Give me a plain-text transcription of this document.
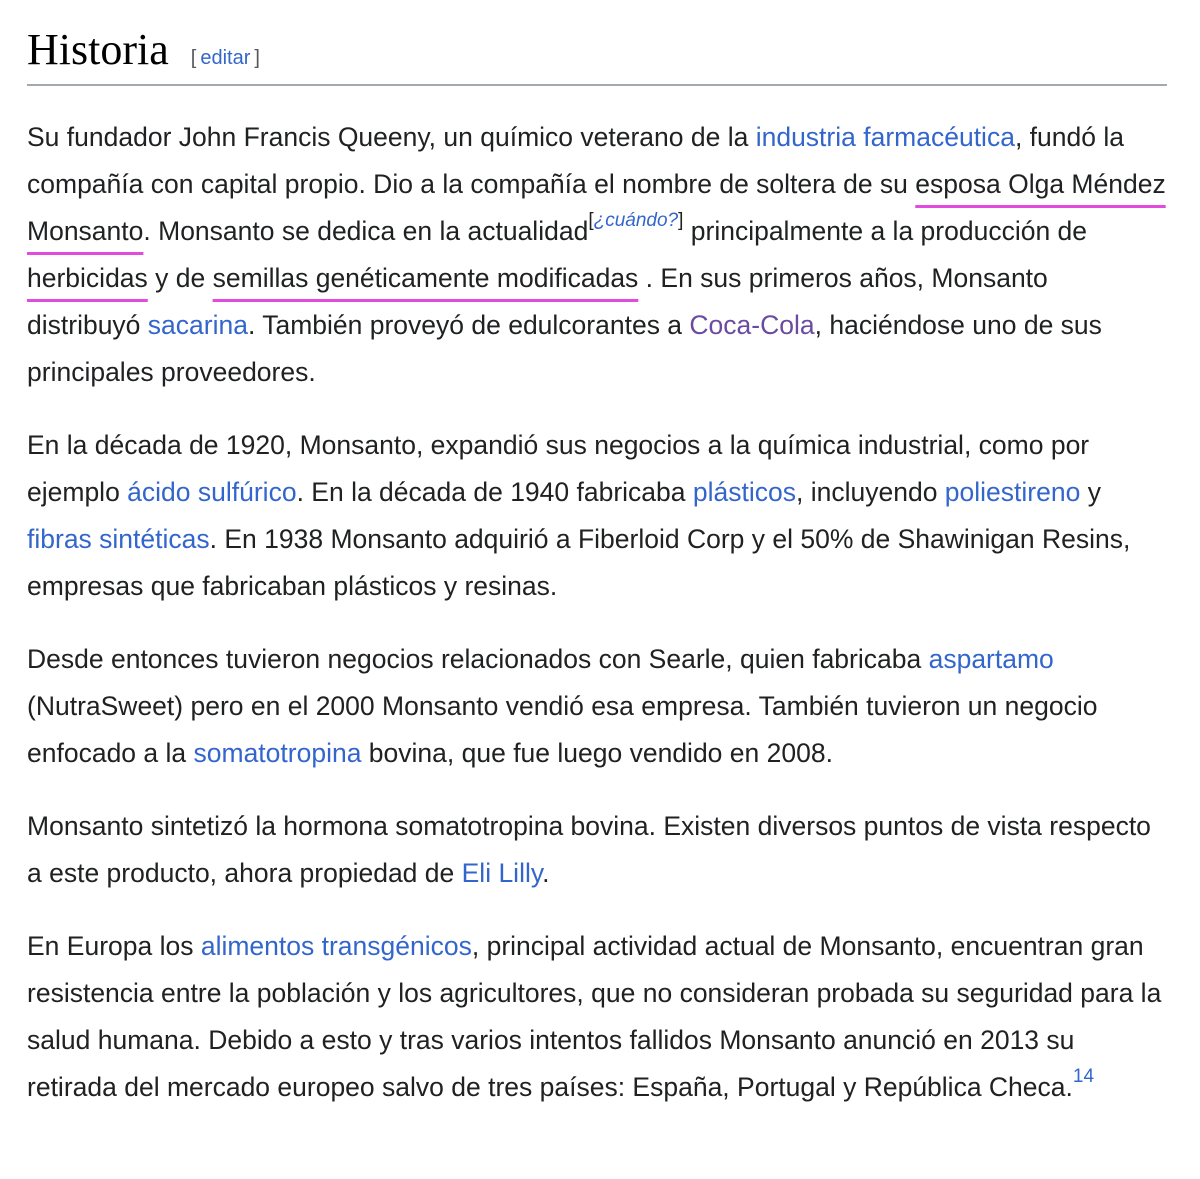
Historia [ editar ]

Su fundador John Francis Queeny, un químico veterano de la industria farmacéutica, fundó la compañía con capital propio. Dio a la compañía el nombre de soltera de su esposa Olga Méndez Monsanto. Monsanto se dedica en la actualidad[¿cuándo?] principalmente a la producción de herbicidas y de semillas genéticamente modificadas . En sus primeros años, Monsanto distribuyó sacarina. También proveyó de edulcorantes a Coca-Cola, haciéndose uno de sus principales proveedores.

En la década de 1920, Monsanto, expandió sus negocios a la química industrial, como por ejemplo ácido sulfúrico. En la década de 1940 fabricaba plásticos, incluyendo poliestireno y fibras sintéticas. En 1938 Monsanto adquirió a Fiberloid Corp y el 50% de Shawinigan Resins, empresas que fabricaban plásticos y resinas.

Desde entonces tuvieron negocios relacionados con Searle, quien fabricaba aspartamo (NutraSweet) pero en el 2000 Monsanto vendió esa empresa. También tuvieron un negocio enfocado a la somatotropina bovina, que fue luego vendido en 2008.

Monsanto sintetizó la hormona somatotropina bovina. Existen diversos puntos de vista respecto a este producto, ahora propiedad de Eli Lilly.

En Europa los alimentos transgénicos, principal actividad actual de Monsanto, encuentran gran resistencia entre la población y los agricultores, que no consideran probada su seguridad para la salud humana. Debido a esto y tras varios intentos fallidos Monsanto anunció en 2013 su retirada del mercado europeo salvo de tres países: España, Portugal y República Checa.$^{14}$
